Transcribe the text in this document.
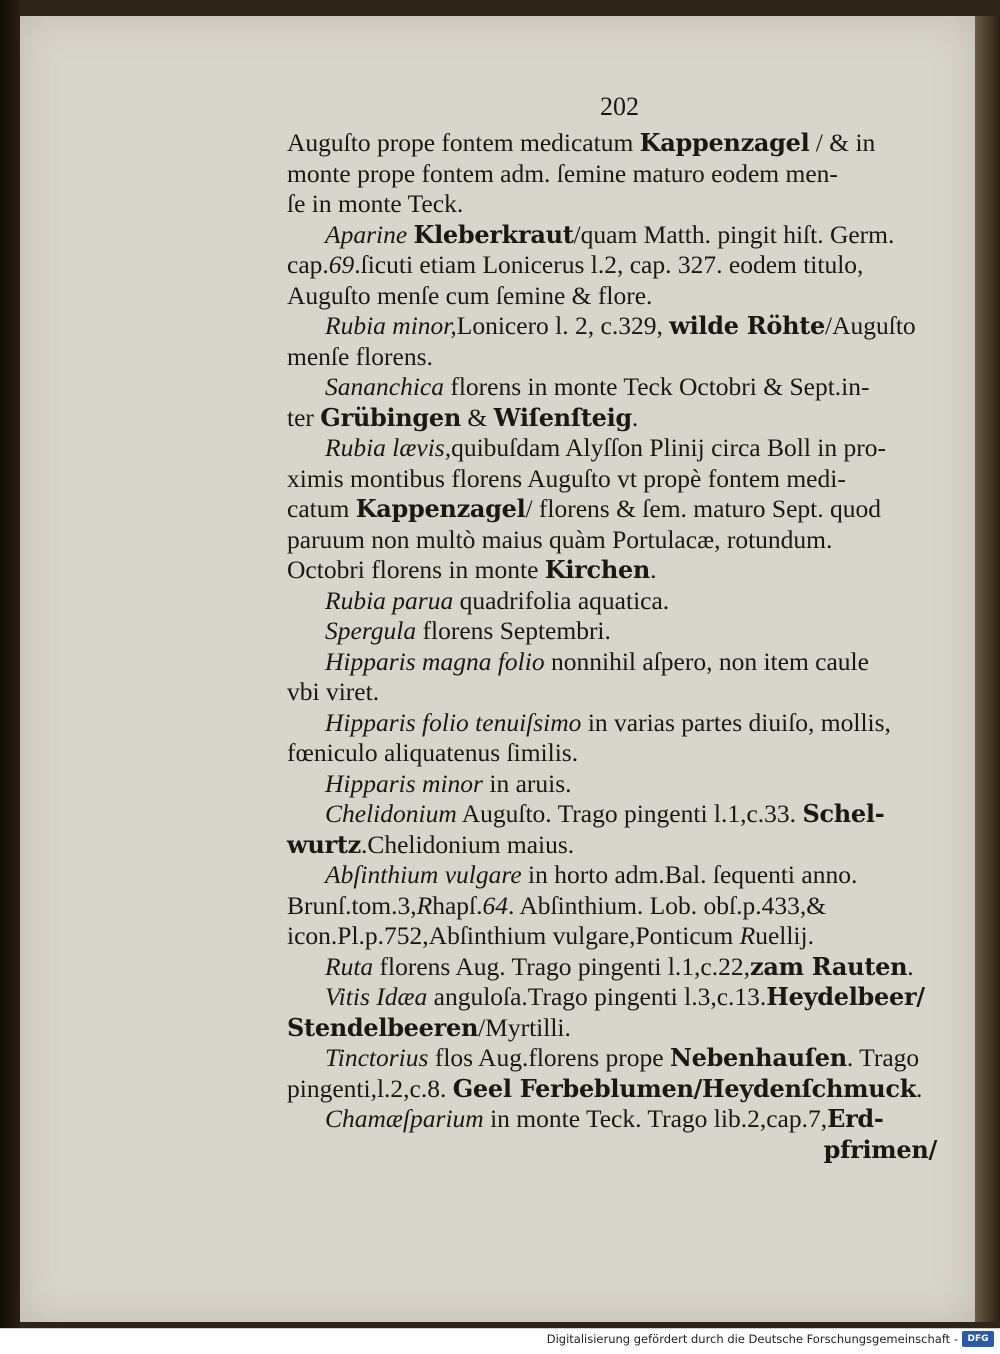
202
Auguſto prope fontem medicatum Kappenzagel / & in
monte prope fontem adm. ſemine maturo eodem men-
ſe in monte Teck.
Aparine Kleberkraut/quam Matth. pingit hiſt. Germ.
cap.69.ſicuti etiam Lonicerus l.2, cap. 327. eodem titulo,
Auguſto menſe cum ſemine & flore.
Rubia minor,Lonicero l. 2, c.329, wilde Röhte/Auguſto
menſe florens.
Sananchica florens in monte Teck Octobri & Sept.in-
ter Grübingen & Wiſenſteig.
Rubia lævis,quibuſdam Alyſſon Plinij circa Boll in pro-
ximis montibus florens Auguſto vt propè fontem medi-
catum Kappenzagel/ florens & ſem. maturo Sept. quod
paruum non multò maius quàm Portulacæ, rotundum.
Octobri florens in monte Kirchen.
Rubia parua quadrifolia aquatica.
Spergula florens Septembri.
Hipparis magna folio nonnihil aſpero, non item caule
vbi viret.
Hipparis folio tenuiſsimo in varias partes diuiſo, mollis,
fœniculo aliquatenus ſimilis.
Hipparis minor in aruis.
Chelidonium Auguſto. Trago pingenti l.1,c.33. Schel-
wurtz.Chelidonium maius.
Abſinthium vulgare in horto adm.Bal. ſequenti anno.
Brunſ.tom.3,Rhapſ.64. Abſinthium. Lob. obſ.p.433,&
icon.Pl.p.752,Abſinthium vulgare,Ponticum Ruellij.
Ruta florens Aug. Trago pingenti l.1,c.22,zam Rauten.
Vitis Idæa anguloſa.Trago pingenti l.3,c.13.Heydelbeer/
Stendelbeeren/Myrtilli.
Tinctorius flos Aug.florens prope Nebenhauſen. Trago
pingenti,l.2,c.8. Geel Ferbeblumen/Heydenſchmuck.
Chamæſparium in monte Teck. Trago lib.2,cap.7,Erd-
pfrimen/
Digitalisierung gefördert durch die Deutsche Forschungsgemeinschaft -	DFG
